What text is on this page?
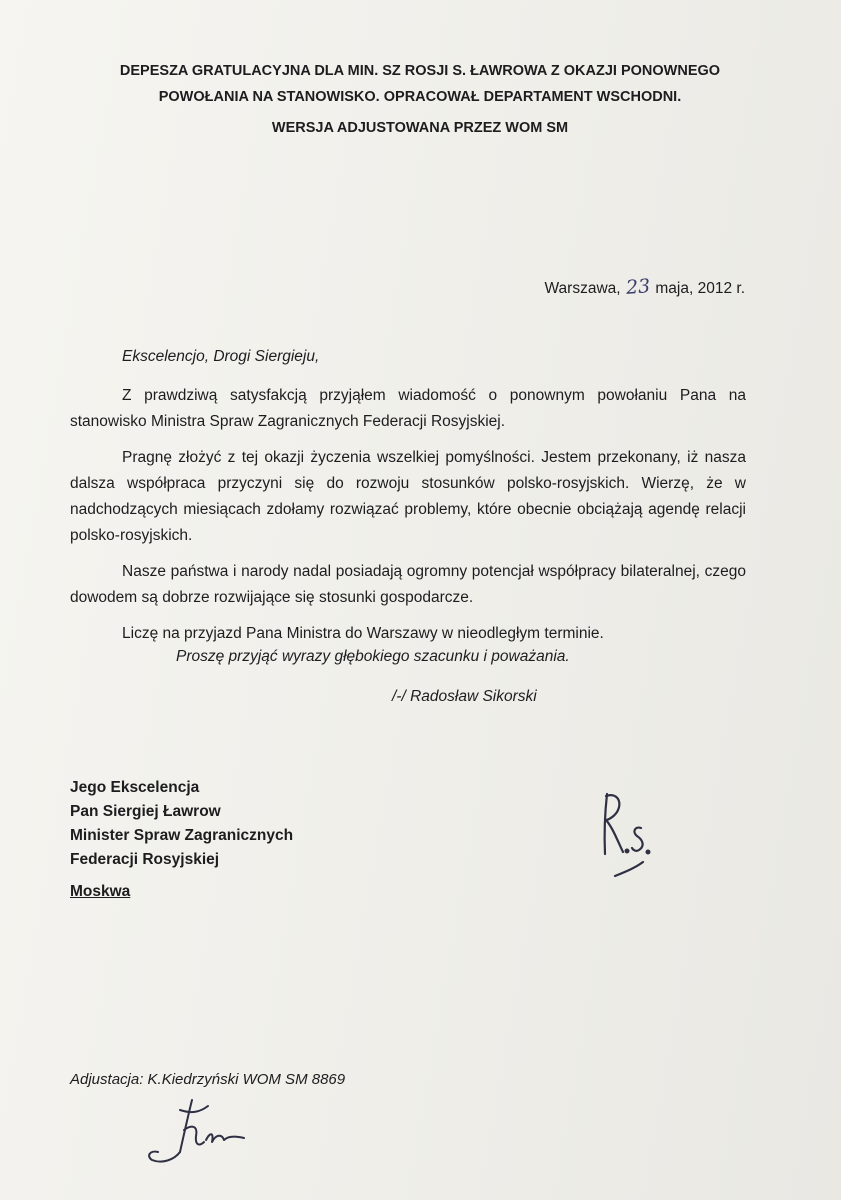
DEPESZA GRATULACYJNA DLA MIN. SZ ROSJI S. ŁAWROWA Z OKAZJI PONOWNEGO
POWOŁANIA NA STANOWISKO. OPRACOWAŁ DEPARTAMENT WSCHODNI.
WERSJA ADJUSTOWANA PRZEZ WOM SM
Warszawa, 23 maja, 2012 r.
Ekscelencjo, Drogi Siergieju,

Z prawdziwą satysfakcją przyjąłem wiadomość o ponownym powołaniu Pana na stanowisko Ministra Spraw Zagranicznych Federacji Rosyjskiej.

Pragnę złożyć z tej okazji życzenia wszelkiej pomyślności. Jestem przekonany, iż nasza dalsza współpraca przyczyni się do rozwoju stosunków polsko-rosyjskich. Wierzę, że w nadchodzących miesiącach zdołamy rozwiązać problemy, które obecnie obciążają agendę relacji polsko-rosyjskich.

Nasze państwa i narody nadal posiadają ogromny potencjał współpracy bilateralnej, czego dowodem są dobrze rozwijające się stosunki gospodarcze.

Liczę na przyjazd Pana Ministra do Warszawy w nieodległym terminie.

Proszę przyjąć wyrazy głębokiego szacunku i poważania.
/-/ Radosław Sikorski
Jego Ekscelencja
Pan Siergiej Ławrow
Minister Spraw Zagranicznych
Federacji Rosyjskiej
Moskwa
Adjustacja: K.Kiedrzyński WOM SM 8869
